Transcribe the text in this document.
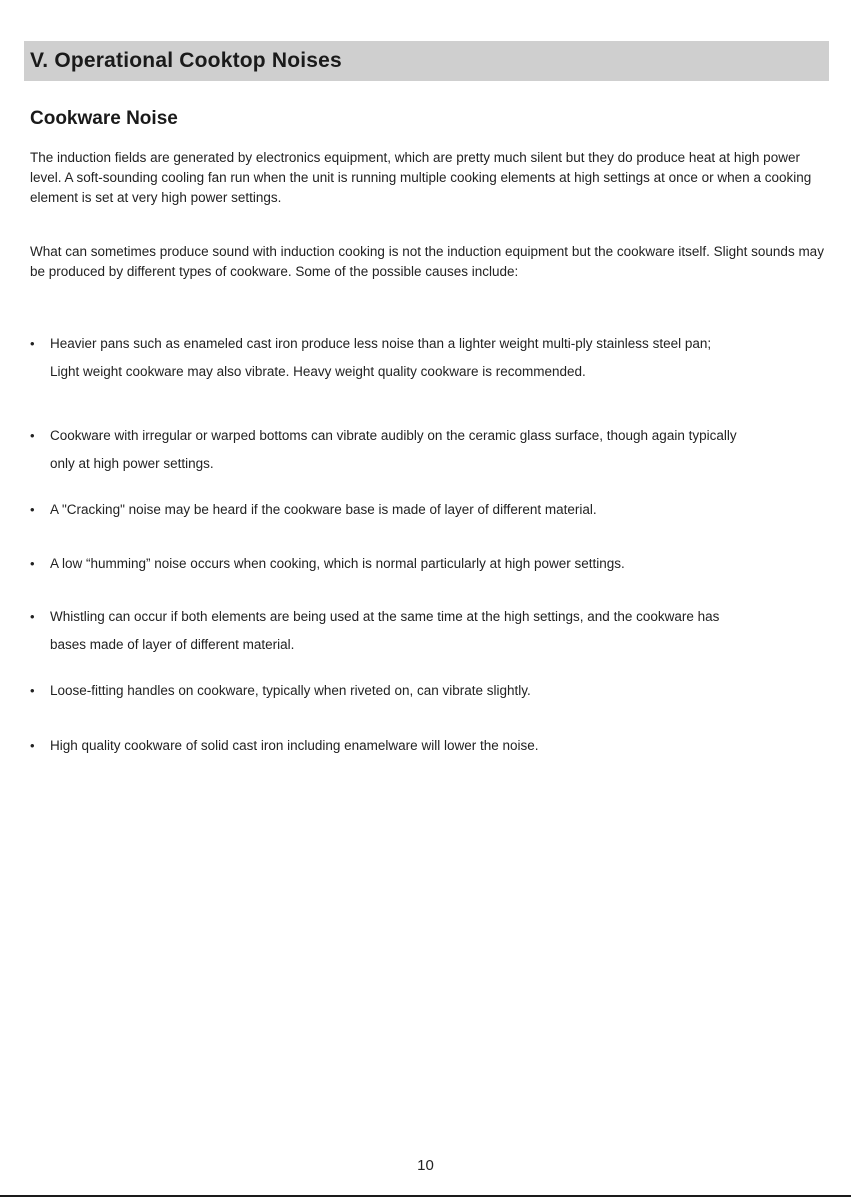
V. Operational Cooktop Noises
Cookware Noise

The induction fields are generated by electronics equipment, which are pretty much silent but they do produce heat at high power level. A soft-sounding cooling fan run when the unit is running multiple cooking elements at high settings at once or when a cooking element is set at very high power settings.

What can sometimes produce sound with induction cooking is not the induction equipment but the cookware itself. Slight sounds may be produced by different types of cookware. Some of the possible causes include:

•	Heavier pans such as enameled cast iron produce less noise than a lighter weight multi-ply stainless steel pan; Light weight cookware may also vibrate. Heavy weight quality cookware is recommended.
•	Cookware with irregular or warped bottoms can vibrate audibly on the ceramic glass surface, though again typically only at high power settings.
•	A "Cracking" noise may be heard if the cookware base is made of layer of different material.
•	A low “humming” noise occurs when cooking, which is normal particularly at high power settings.
•	Whistling can occur if both elements are being used at the same time at the high settings, and the cookware has bases made of layer of different material.
•	Loose-fitting handles on cookware, typically when riveted on, can vibrate slightly.
•	High quality cookware of solid cast iron including enamelware will lower the noise.
10
